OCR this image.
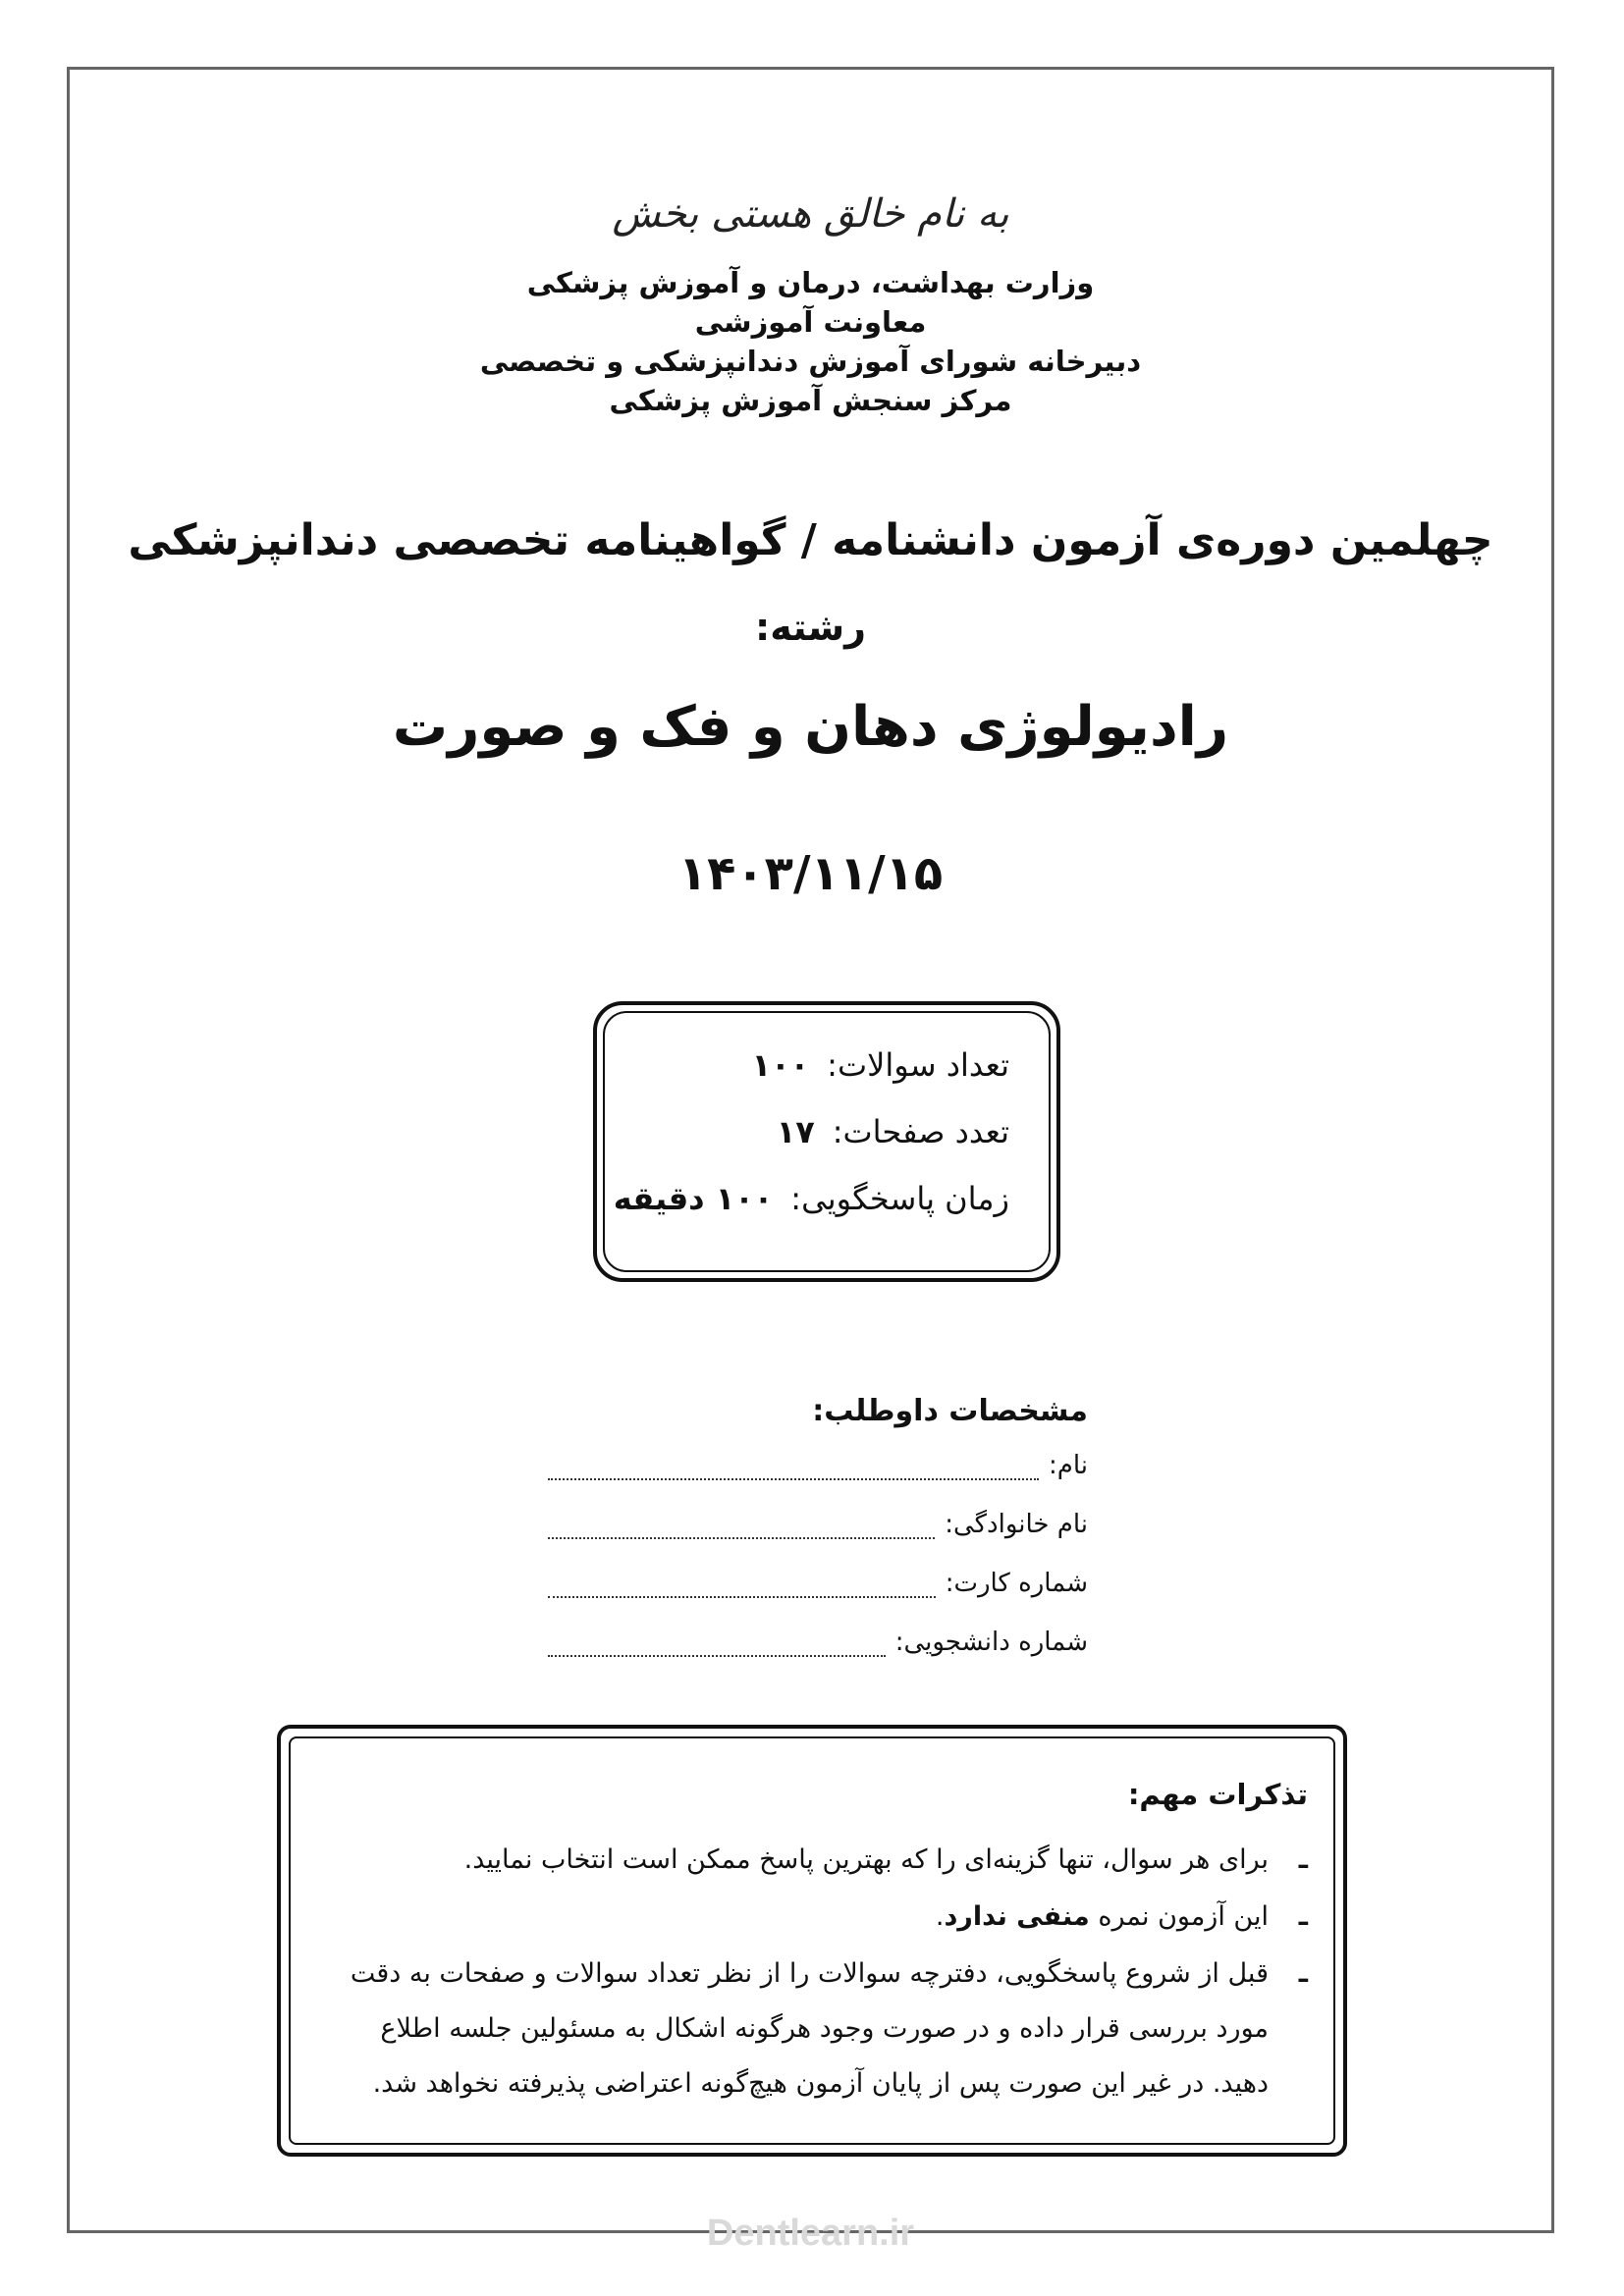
به نام خالق هستی بخش
وزارت بهداشت، درمان و آموزش پزشکی
معاونت آموزشی
دبیرخانه شورای آموزش دندانپزشکی و تخصصی
مرکز سنجش آموزش پزشکی
چهلمین دوره‌ی آزمون دانشنامه / گواهینامه تخصصی دندانپزشکی
رشته:
رادیولوژی دهان و فک و صورت
۱۴۰۳/۱۱/۱۵
تعداد سوالات:۱۰۰
تعدد صفحات:۱۷
زمان پاسخگویی:۱۰۰ دقیقه
مشخصات داوطلب:
نام:
نام خانوادگی:
شماره کارت:
شماره دانشجویی:
تذکرات مهم:
ـبرای هر سوال، تنها گزینه‌ای را که بهترین پاسخ ممکن است انتخاب نمایید.
ـاین آزمون نمره منفی ندارد.
ـقبل از شروع پاسخگویی، دفترچه سوالات را از نظر تعداد سوالات و صفحات به دقت
مورد بررسی قرار داده و در صورت وجود هرگونه اشکال به مسئولین جلسه اطلاع
دهید. در غیر این صورت پس از پایان آزمون هیچ‌گونه اعتراضی پذیرفته نخواهد شد.
Dentlearn.ir
